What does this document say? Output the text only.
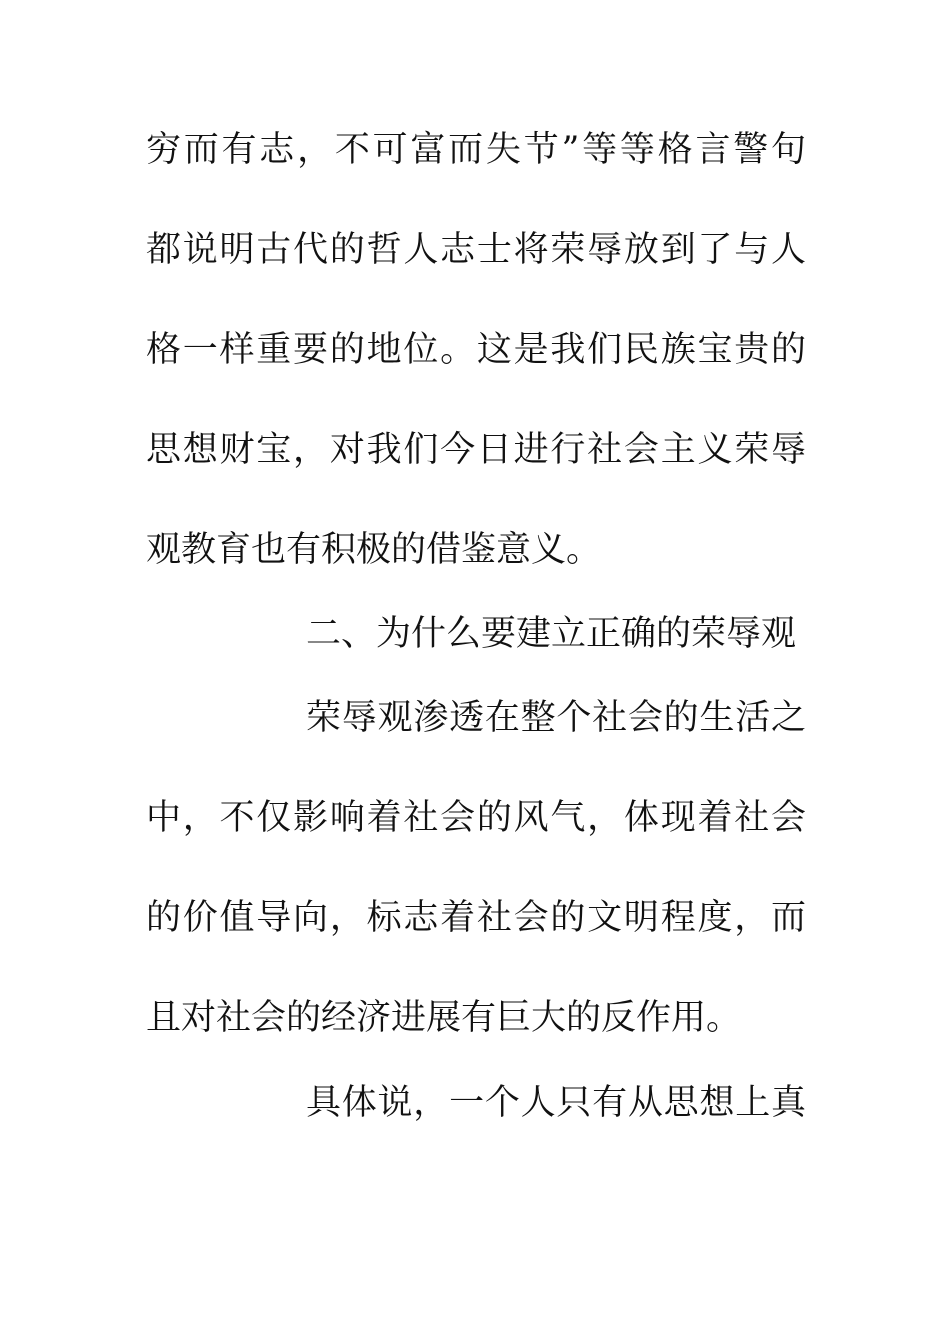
穷而有志，不可富而失节”等等格言警句
都说明古代的哲人志士将荣辱放到了与人
格一样重要的地位。这是我们民族宝贵的
思想财宝，对我们今日进行社会主义荣辱
观教育也有积极的借鉴意义。
二、为什么要建立正确的荣辱观
荣辱观渗透在整个社会的生活之
中，不仅影响着社会的风气，体现着社会
的价值导向，标志着社会的文明程度，而
且对社会的经济进展有巨大的反作用。
具体说，一个人只有从思想上真
